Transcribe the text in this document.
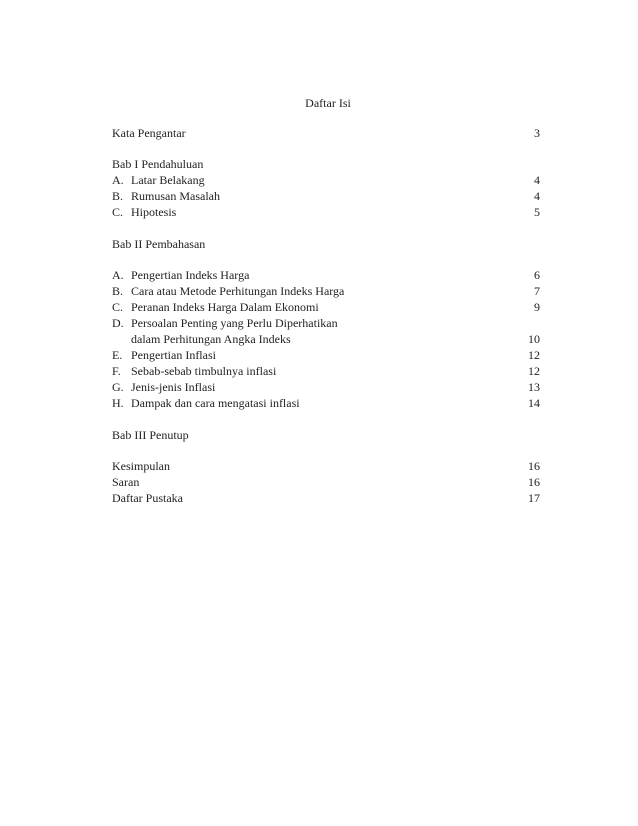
Daftar Isi
Kata Pengantar	3
Bab I Pendahuluan
A. Latar Belakang	4
B. Rumusan Masalah	4
C. Hipotesis	5
Bab II Pembahasan
A. Pengertian Indeks Harga	6
B. Cara atau Metode Perhitungan Indeks Harga	7
C. Peranan Indeks Harga Dalam Ekonomi	9
D. Persoalan Penting yang Perlu Diperhatikan
dalam Perhitungan Angka Indeks	10
E. Pengertian Inflasi	12
F. Sebab-sebab timbulnya inflasi	12
G. Jenis-jenis Inflasi	13
H. Dampak dan cara mengatasi inflasi	14
Bab III Penutup
Kesimpulan	16
Saran	16
Daftar Pustaka	17
